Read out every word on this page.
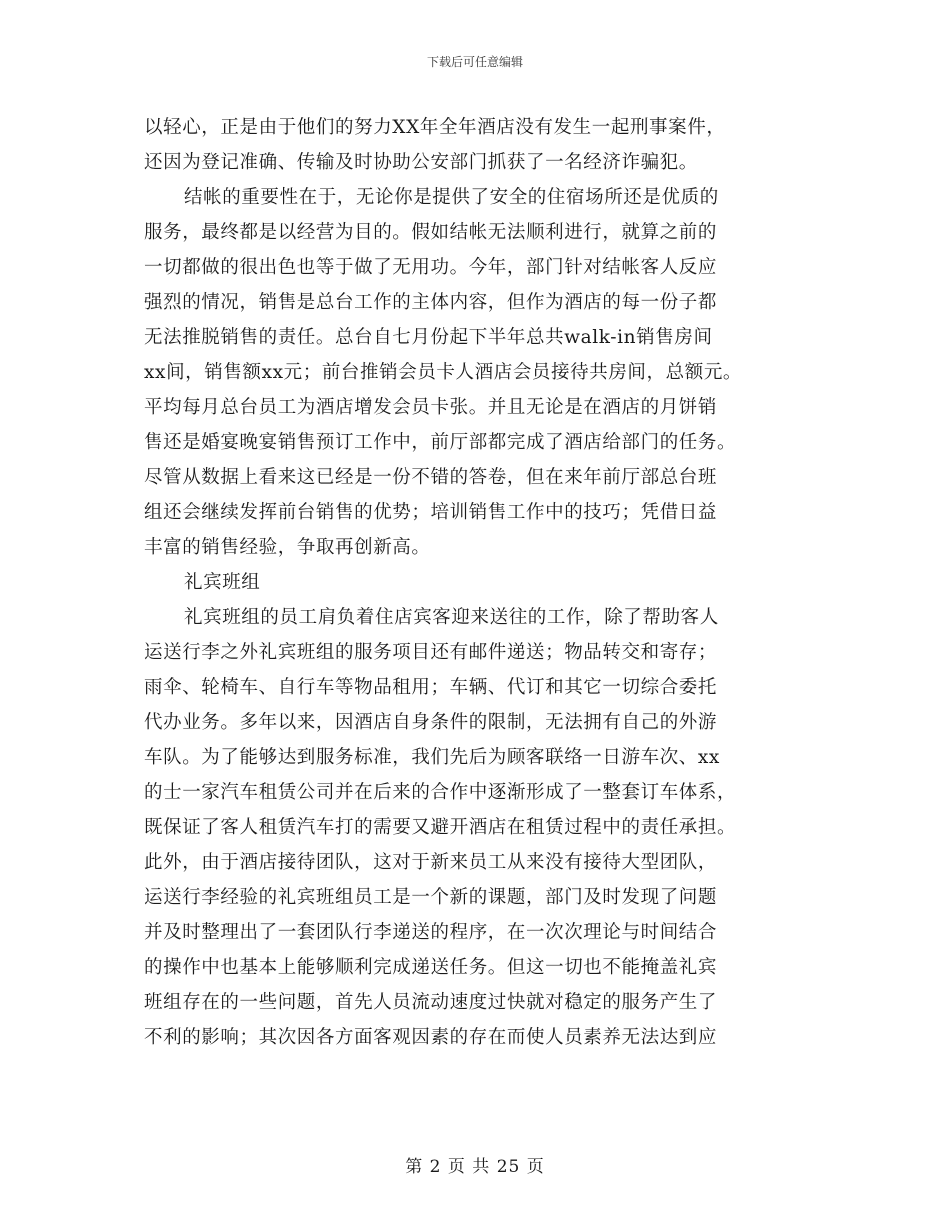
下载后可任意编辑
以轻心，正是由于他们的努力XX年全年酒店没有发生一起刑事案件，
还因为登记准确、传输及时协助公安部门抓获了一名经济诈骗犯。
结帐的重要性在于，无论你是提供了安全的住宿场所还是优质的
服务，最终都是以经营为目的。假如结帐无法顺利进行，就算之前的
一切都做的很出色也等于做了无用功。今年，部门针对结帐客人反应
强烈的情况，销售是总台工作的主体内容，但作为酒店的每一份子都
无法推脱销售的责任。总台自七月份起下半年总共walk-in销售房间
xx间，销售额xx元；前台推销会员卡人酒店会员接待共房间，总额元。
平均每月总台员工为酒店增发会员卡张。并且无论是在酒店的月饼销
售还是婚宴晚宴销售预订工作中，前厅部都完成了酒店给部门的任务。
尽管从数据上看来这已经是一份不错的答卷，但在来年前厅部总台班
组还会继续发挥前台销售的优势；培训销售工作中的技巧；凭借日益
丰富的销售经验，争取再创新高。
礼宾班组
礼宾班组的员工肩负着住店宾客迎来送往的工作，除了帮助客人
运送行李之外礼宾班组的服务项目还有邮件递送；物品转交和寄存；
雨伞、轮椅车、自行车等物品租用；车辆、代订和其它一切综合委托
代办业务。多年以来，因酒店自身条件的限制，无法拥有自己的外游
车队。为了能够达到服务标准，我们先后为顾客联络一日游车次、xx
的士一家汽车租赁公司并在后来的合作中逐渐形成了一整套订车体系，
既保证了客人租赁汽车打的需要又避开酒店在租赁过程中的责任承担。
此外，由于酒店接待团队，这对于新来员工从来没有接待大型团队，
运送行李经验的礼宾班组员工是一个新的课题，部门及时发现了问题
并及时整理出了一套团队行李递送的程序，在一次次理论与时间结合
的操作中也基本上能够顺利完成递送任务。但这一切也不能掩盖礼宾
班组存在的一些问题，首先人员流动速度过快就对稳定的服务产生了
不利的影响；其次因各方面客观因素的存在而使人员素养无法达到应
第 2 页 共 25 页
